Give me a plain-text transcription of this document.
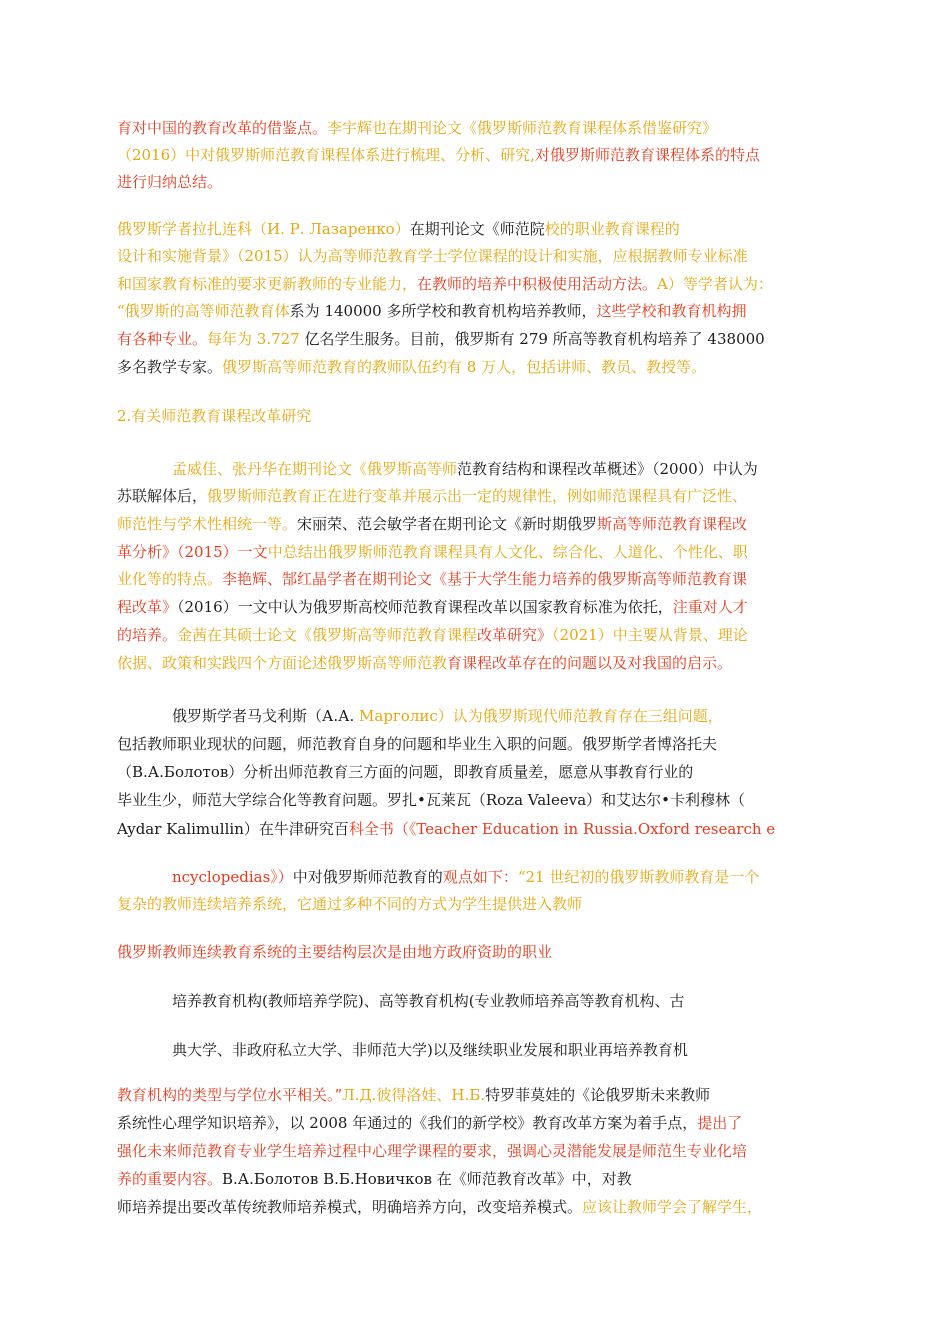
育对中国的教育改革的借鉴点。李宇辉也在期刊论文《俄罗斯师范教育课程体系借鉴研究》

（2016）中对俄罗斯师范教育课程体系进行梳理、分析、研究,对俄罗斯师范教育课程体系的特点

进行归纳总结。

俄罗斯学者拉扎连科（И. Р. Лазаренко）在期刊论文《师范院校的职业教育课程的

设计和实施背景》（2015）认为高等师范教育学士学位课程的设计和实施，应根据教师专业标准

和国家教育标准的要求更新教师的专业能力，在教师的培养中积极使用活动方法。A）等学者认为：

“俄罗斯的高等师范教育体系为 140000 多所学校和教育机构培养教师，这些学校和教育机构拥

有各种专业。每年为 3.727 亿名学生服务。目前，俄罗斯有 279 所高等教育机构培养了 438000

多名教学专家。俄罗斯高等师范教育的教师队伍约有 8 万人，包括讲师、教员、教授等。

2.有关师范教育课程改革研究

孟威佳、张丹华在期刊论文《俄罗斯高等师范教育结构和课程改革概述》（2000）中认为

苏联解体后，俄罗斯师范教育正在进行变革并展示出一定的规律性，例如师范课程具有广泛性、

师范性与学术性相统一等。宋丽荣、范会敏学者在期刊论文《新时期俄罗斯高等师范教育课程改

革分析》（2015）一文中总结出俄罗斯师范教育课程具有人文化、综合化、人道化、个性化、职

业化等的特点。李艳辉、郜红晶学者在期刊论文《基于大学生能力培养的俄罗斯高等师范教育课

程改革》（2016）一文中认为俄罗斯高校师范教育课程改革以国家教育标准为依托，注重对人才

的培养。金茜在其硕士论文《俄罗斯高等师范教育课程改革研究》（2021）中主要从背景、理论

依据、政策和实践四个方面论述俄罗斯高等师范教育课程改革存在的问题以及对我国的启示。

俄罗斯学者马戈利斯（А.А. Марголис）认为俄罗斯现代师范教育存在三组问题，

包括教师职业现状的问题，师范教育自身的问题和毕业生入职的问题。俄罗斯学者博洛托夫

（В.А.Болотов）分析出师范教育三方面的问题，即教育质量差，愿意从事教育行业的

毕业生少，师范大学综合化等教育问题。罗扎•瓦莱瓦（Roza Valeeva）和艾达尔•卡利穆林（

Aydar Kalimullin）在牛津研究百科全书（《Teacher Education in Russia.Oxford research e

ncyclopedias》）中对俄罗斯师范教育的观点如下：“21 世纪初的俄罗斯教师教育是一个

复杂的教师连续培养系统，它通过多种不同的方式为学生提供进入教师

俄罗斯教师连续教育系统的主要结构层次是由地方政府资助的职业

培养教育机构(教师培养学院)、高等教育机构(专业教师培养高等教育机构、古

典大学、非政府私立大学、非师范大学)以及继续职业发展和职业再培养教育机

教育机构的类型与学位水平相关。”Л.Д.彼得洛娃、Н.Б.特罗菲莫娃的《论俄罗斯未来教师

系统性心理学知识培养》，以 2008 年通过的《我们的新学校》教育改革方案为着手点，提出了

强化未来师范教育专业学生培养过程中心理学课程的要求，强调心灵潜能发展是师范生专业化培

养的重要内容。В.А.Болотов В.Б.Новичков 在《师范教育改革》中，对教

师培养提出要改革传统教师培养模式，明确培养方向，改变培养模式。应该让教师学会了解学生，
